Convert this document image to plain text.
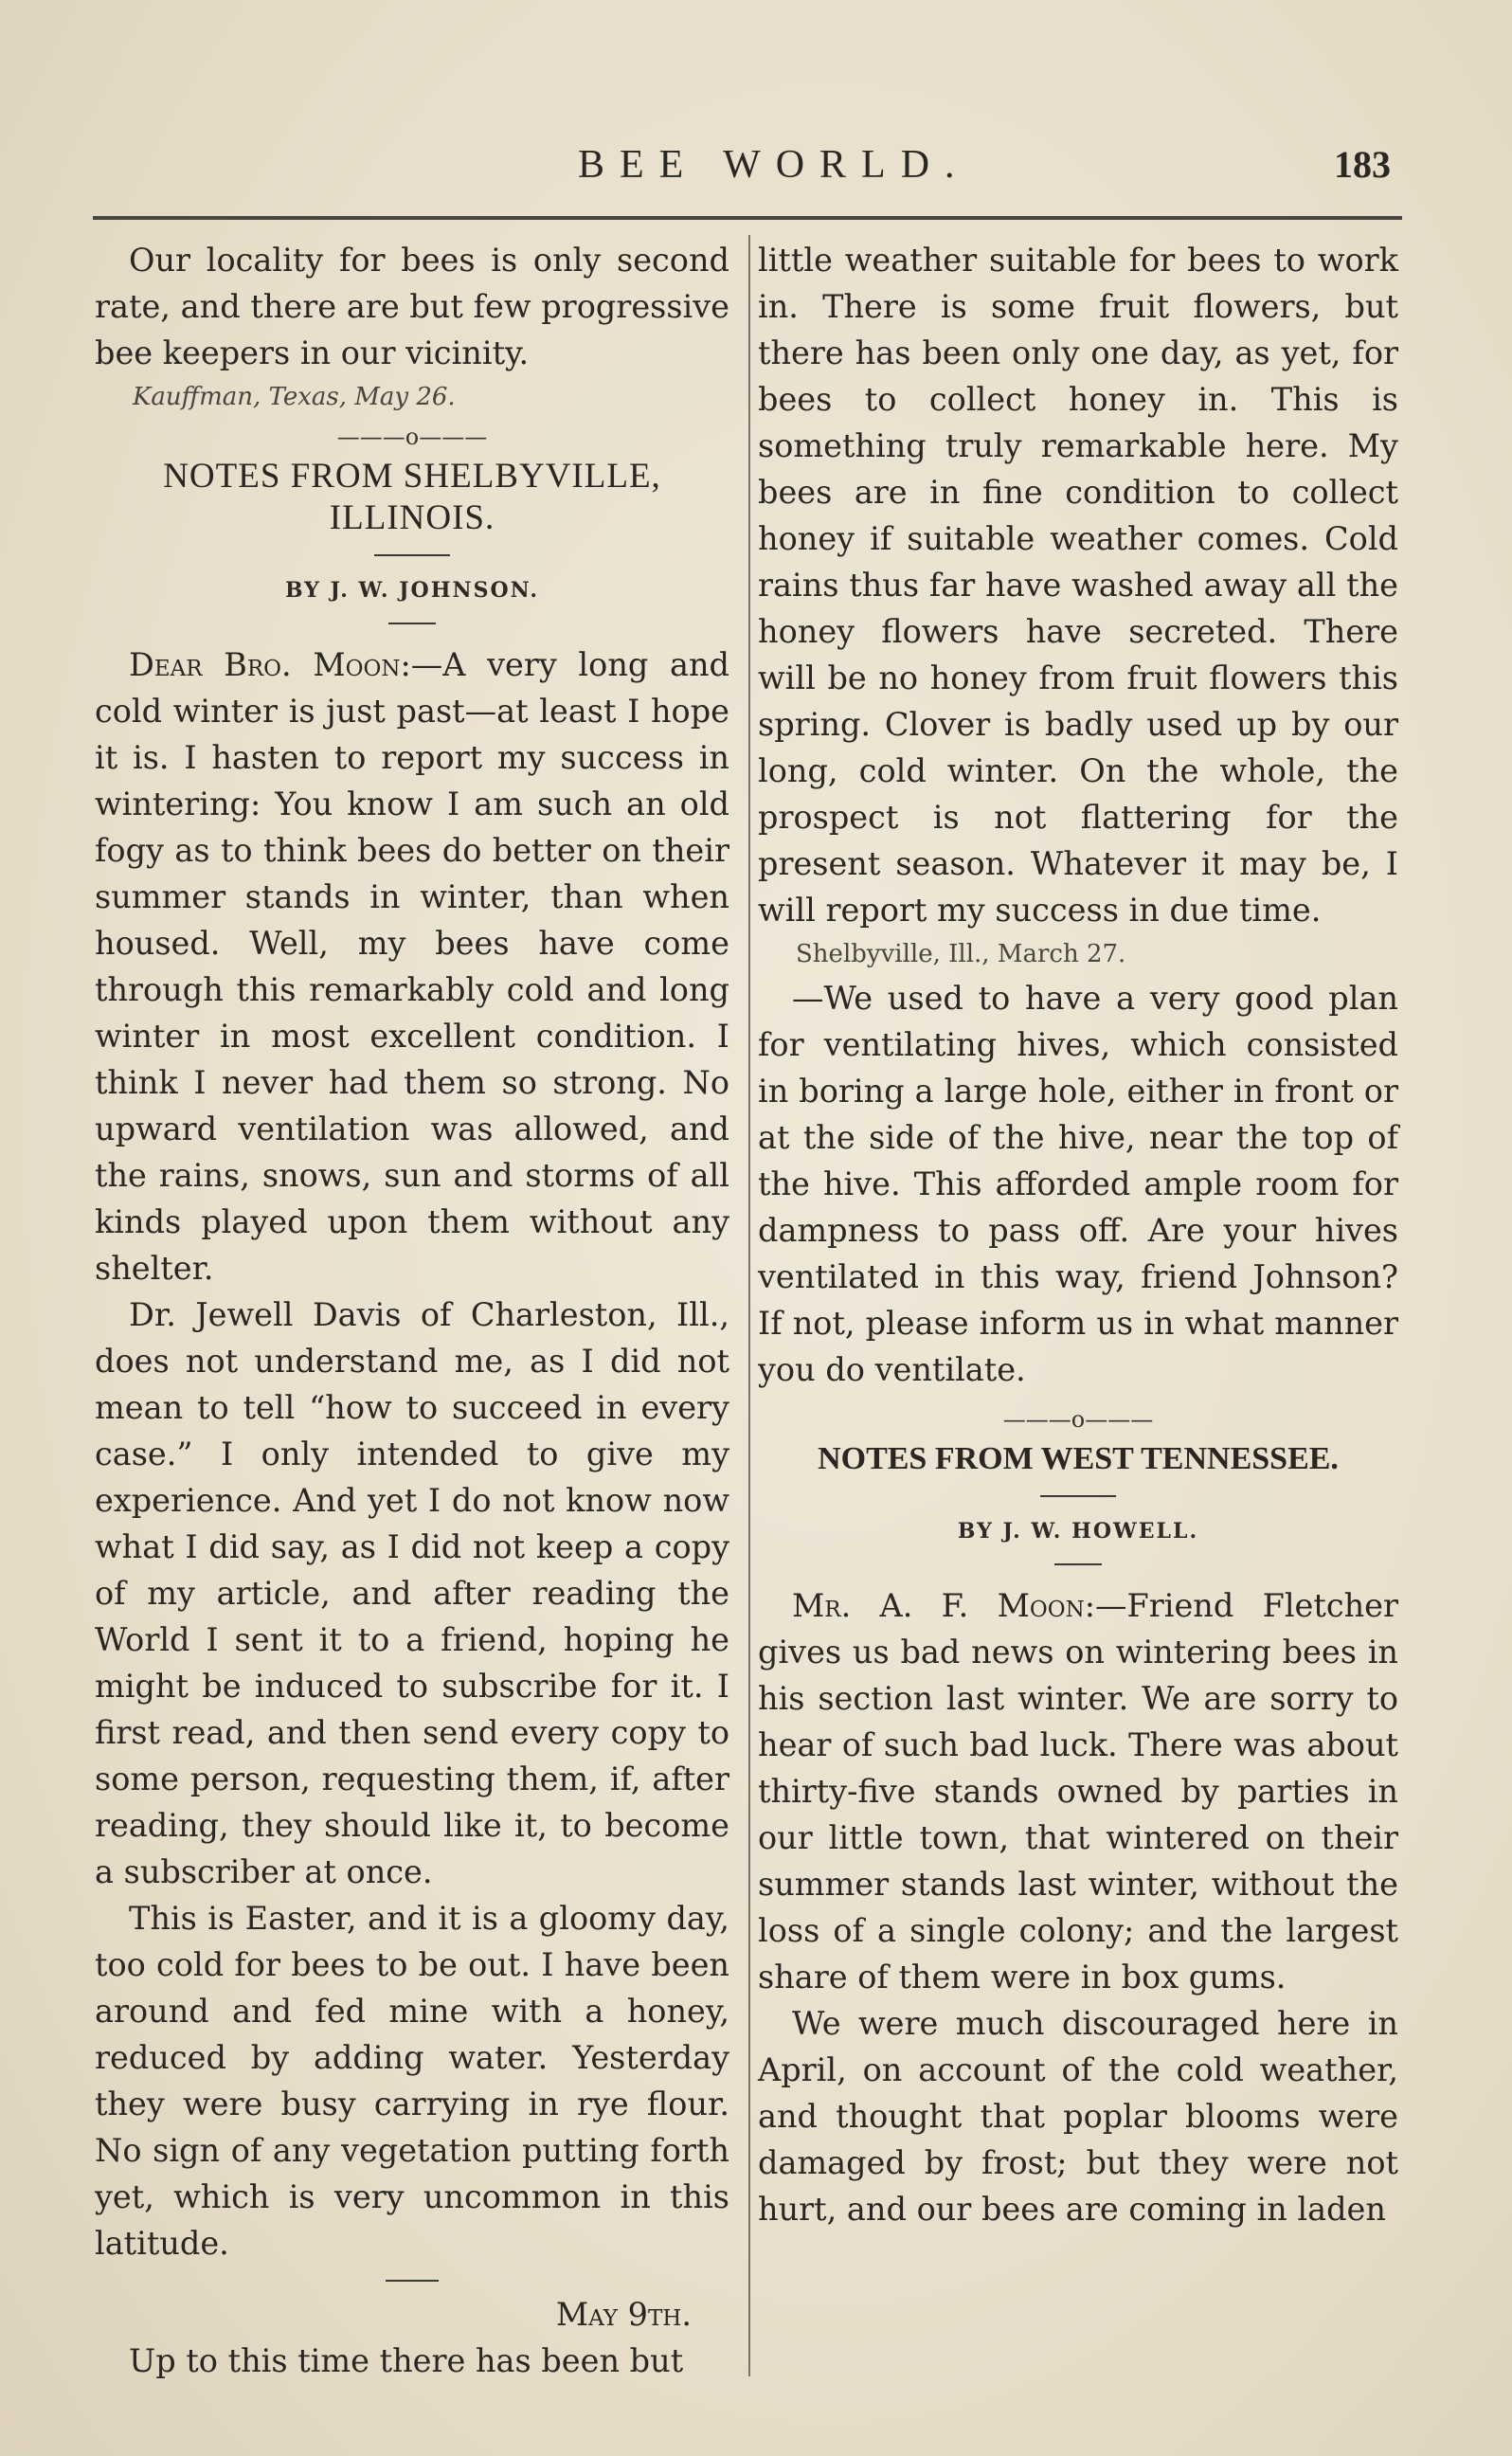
BEE WORLD.	183

Our locality for bees is only second rate, and there are but few progressive bee keepers in our vicinity.

Kauffman, Texas, May 26.
———o———
NOTES FROM SHELBYVILLE,
ILLINOIS.
BY J. W. JOHNSON.

Dear Bro. Moon:—A very long and cold winter is just past—at least I hope it is. I hasten to report my success in wintering: You know I am such an old fogy as to think bees do better on their summer stands in winter, than when housed. Well, my bees have come through this remarkably cold and long winter in most excellent condition. I think I never had them so strong. No upward ventilation was allowed, and the rains, snows, sun and storms of all kinds played upon them without any shelter.

Dr. Jewell Davis of Charleston, Ill., does not understand me, as I did not mean to tell “how to succeed in every case.” I only intended to give my experience. And yet I do not know now what I did say, as I did not keep a copy of my article, and after reading the World I sent it to a friend, hoping he might be induced to subscribe for it. I first read, and then send every copy to some person, requesting them, if, after reading, they should like it, to become a subscriber at once.

This is Easter, and it is a gloomy day, too cold for bees to be out. I have been around and fed mine with a honey, reduced by adding water. Yesterday they were busy carrying in rye flour. No sign of any vegetation putting forth yet, which is very uncommon in this latitude.

May 9th.

Up to this time there has been but

little weather suitable for bees to work in. There is some fruit flowers, but there has been only one day, as yet, for bees to collect honey in. This is something truly remarkable here. My bees are in fine condition to collect honey if suitable weather comes. Cold rains thus far have washed away all the honey flowers have secreted. There will be no honey from fruit flowers this spring. Clover is badly used up by our long, cold winter. On the whole, the prospect is not flattering for the present season. Whatever it may be, I will report my success in due time.

Shelbyville, Ill., March 27.

—We used to have a very good plan for ventilating hives, which consisted in boring a large hole, either in front or at the side of the hive, near the top of the hive. This afforded ample room for dampness to pass off. Are your hives ventilated in this way, friend Johnson? If not, please inform us in what manner you do ventilate.

———o———
NOTES FROM WEST TENNESSEE.
BY J. W. HOWELL.

Mr. A. F. Moon:—Friend Fletcher gives us bad news on wintering bees in his section last winter. We are sorry to hear of such bad luck. There was about thirty-five stands owned by parties in our little town, that wintered on their summer stands last winter, without the loss of a single colony; and the largest share of them were in box gums.

We were much discouraged here in April, on account of the cold weather, and thought that poplar blooms were damaged by frost; but they were not hurt, and our bees are coming in laden
